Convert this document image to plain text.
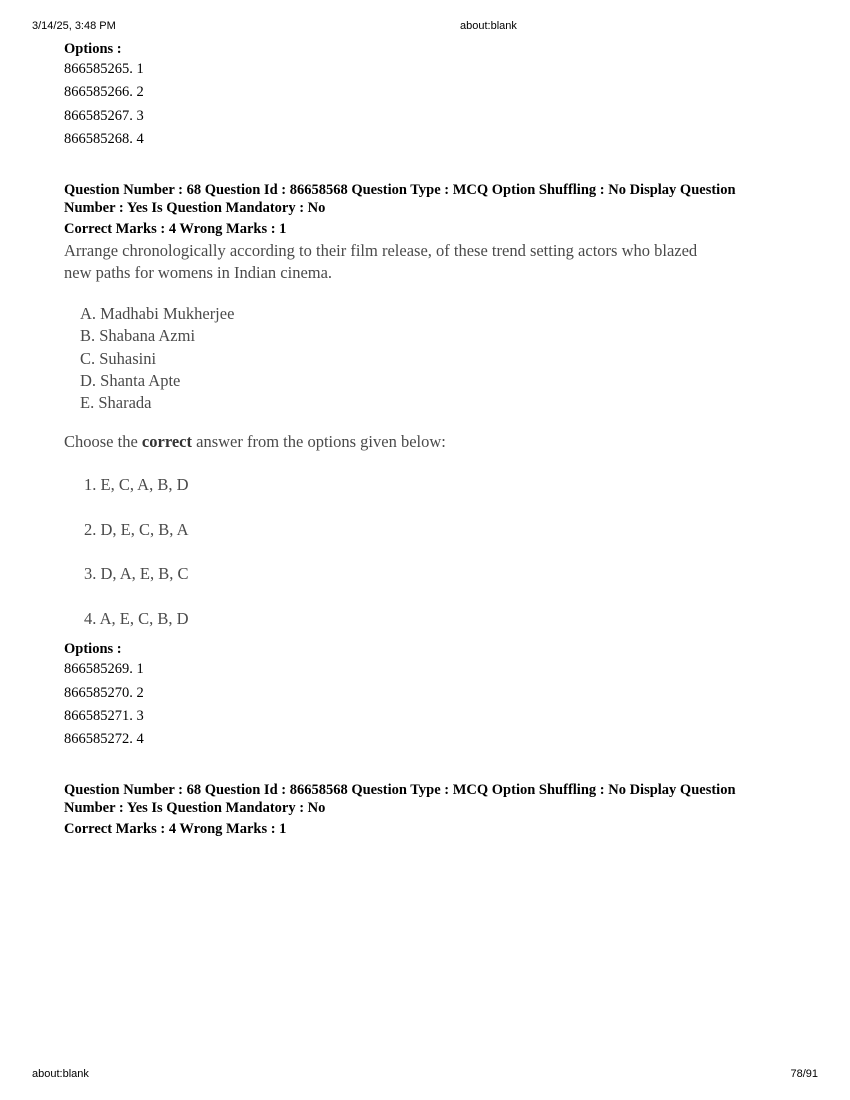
3/14/25, 3:48 PM	about:blank
Options :
866585265. 1
866585266. 2
866585267. 3
866585268. 4
Question Number : 68 Question Id : 86658568 Question Type : MCQ Option Shuffling : No Display Question
Number : Yes Is Question Mandatory : No
Correct Marks : 4 Wrong Marks : 1
Arrange chronologically according to their film release, of these trend setting actors who blazed
new paths for womens in Indian cinema.
A. Madhabi Mukherjee
B. Shabana Azmi
C. Suhasini
D. Shanta Apte
E. Sharada
Choose the correct answer from the options given below:
1. E, C, A, B, D
2. D, E, C, B, A
3. D, A, E, B, C
4. A, E, C, B, D
Options :
866585269. 1
866585270. 2
866585271. 3
866585272. 4
Question Number : 68 Question Id : 86658568 Question Type : MCQ Option Shuffling : No Display Question
Number : Yes Is Question Mandatory : No
Correct Marks : 4 Wrong Marks : 1
about:blank	78/91
